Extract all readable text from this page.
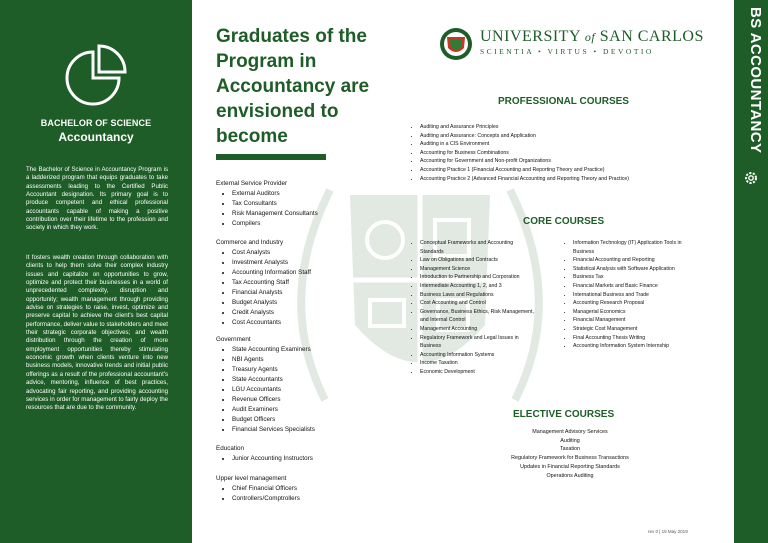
BACHELOR OF SCIENCE
Accountancy

The Bachelor of Science in Accountancy Program is a ladderized program that equips graduates to take assessments leading to the Certified Public Accountant designation. Its primary goal is to produce competent and ethical professional accountants capable of making a positive contribution over their lifetime to the profession and society in which they work.

It fosters wealth creation through collaboration with clients to help them solve their complex industry issues and capitalize on opportunities to grow, optimize and protect their businesses in a world of unprecedented complexity, disruption and opportunity; wealth management through providing advise on strategies to raise, invest, optimize and preserve capital to achieve the client's best capital performance, deliver value to stakeholders and meet their strategic corporate objectives; and wealth distribution through the creation of more employment opportunities thereby stimulating economic growth when clients venture into new business models, innovative trends and initial public offerings as a result of the professional accountant's advice, mentoring, influence of best practices, advocating fair reporting, and providing accounting services in order for management to fairly deploy the resources that are due to the community.

BS ACCOUNTANCY
Graduates of the Program in Accountancy are envisioned to become
External Service Provider
• External Auditors
• Tax Consultants
• Risk Management Consultants
• Compilers
Commerce and Industry
• Cost Analysts
• Investment Analysts
• Accounting Information Staff
• Tax Accounting Staff
• Financial Analysts
• Budget Analysts
• Credit Analysts
• Cost Accountants
Government
• State Accounting Examiners
• NBI Agents
• Treasury Agents
• State Accountants
• LGU Accountants
• Revenue Officers
• Audit Examiners
• Budget Officers
• Financial Services Specialists
Education
• Junior Accounting Instructors
Upper level management
• Chief Financial Officers
• Controllers/Comptrollers
UNIVERSITY of SAN CARLOS
SCIENTIA • VIRTUS • DEVOTIO
PROFESSIONAL COURSES
• Auditing and Assurance Principles
• Auditing and Assurance: Concepts and Application
• Auditing in a CIS Environment
• Accounting for Business Combinations
• Accounting for Government and Non-profit Organizations
• Accounting Practice 1 (Financial Accounting and Reporting Theory and Practice)
• Accounting Practice 2 (Advanced Financial Accounting and Reporting Theory and Practice)
CORE COURSES
• Conceptual Frameworks and Accounting Standards
• Law on Obligations and Contracts
• Management Science
• Introduction to Partnership and Corporation
• Intermediate Accounting 1, 2, and 3
• Business Laws and Regulations
• Cost Accounting and Control
• Governance, Business Ethics, Risk Management, and Internal Control
• Management Accounting
• Regulatory Framework and Legal Issues in Business
• Accounting Information Systems
• Income Taxation
• Economic Development
• Information Technology (IT) Application Tools in Business
• Financial Accounting and Reporting
• Statistical Analysis with Software Application
• Business Tax
• Financial Markets and Basic Finance
• International Business and Trade
• Accounting Research Proposal
• Managerial Economics
• Financial Management
• Strategic Cost Management
• Final Accounting Thesis Writing
• Accounting Information System Internship
ELECTIVE COURSES
Management Advisory Services
Auditing
Taxation
Regulatory Framework for Business Transactions
Updates in Financial Reporting Standards
Operations Auditing
rev 0 | 15 May 2019
